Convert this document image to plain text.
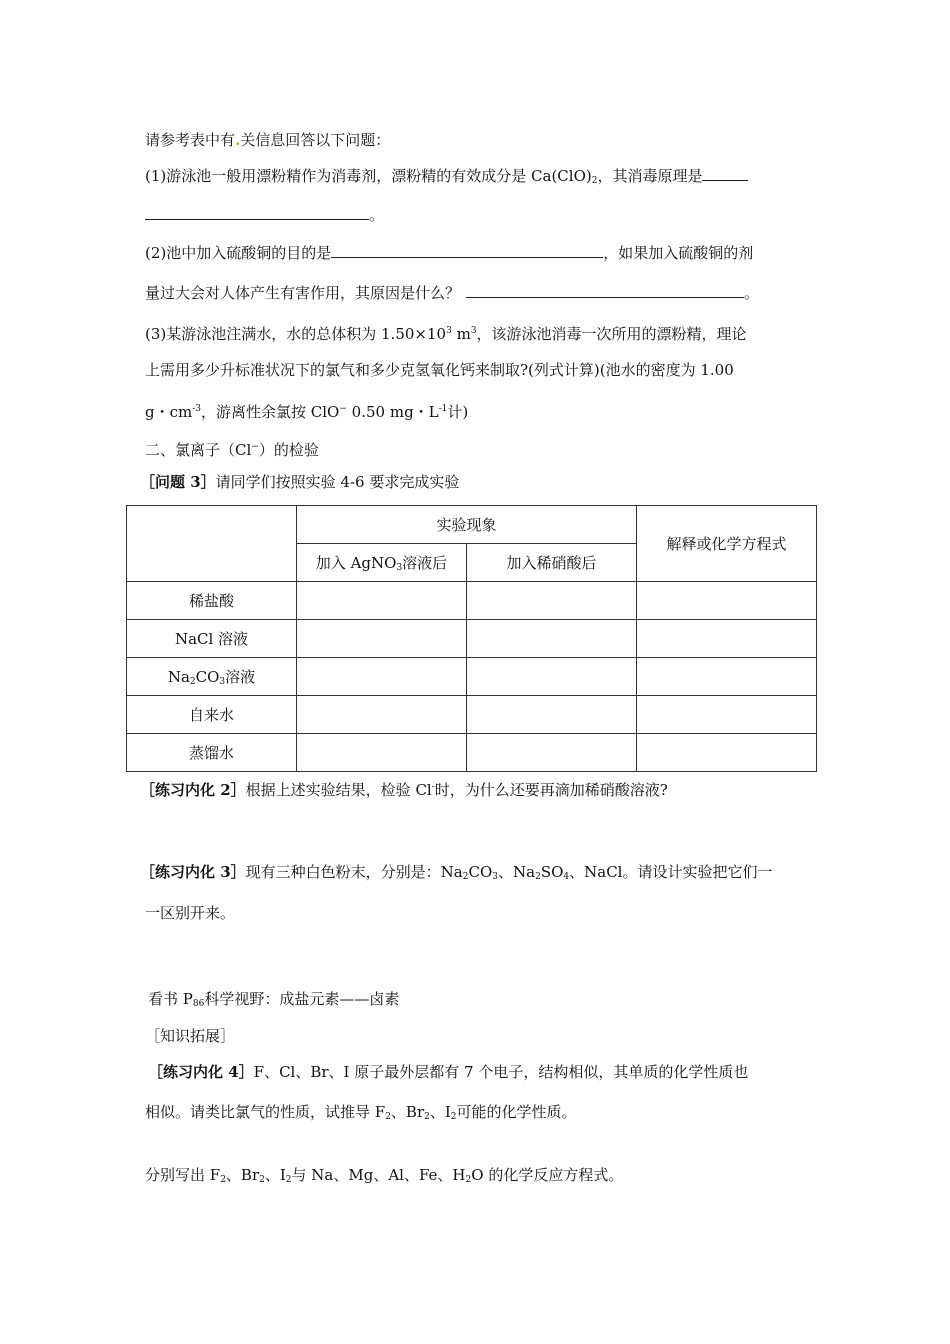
请参考表中有.关信息回答以下问题：
(1)游泳池一般用漂粉精作为消毒剂，漂粉精的有效成分是 $Ca(ClO)_2$，其消毒原理是
。
(2)池中加入硫酸铜的目的是	，如果加入硫酸铜的剂
量过大会对人体产生有害作用，其原因是什么？	。
(3)某游泳池注满水，水的总体积为 $1.50\times 10^3$ $m^3$，该游泳池消毒一次所用的漂粉精，理论
上需用多少升标准状况下的氯气和多少克氢氧化钙来制取?(列式计算)(池水的密度为 1.00
g・$cm^{-3}$，游离性余氯按 ClO− 0.50 mg・$L^{-1}$计)
二、氯离子（Cl−）的检验
［问题 3］请同学们按照实验 4-6 要求完成实验
	实验现象		解释或化学方程式
	加入 AgNO$_3$溶液后	加入稀硝酸后	
稀盐酸			
NaCl 溶液			
$Na_2CO_3$溶液			
自来水			
蒸馏水			
［练习内化 2］根据上述实验结果，检验 Cl-时，为什么还要再滴加稀硝酸溶液?
［练习内化 3］现有三种白色粉末，分别是：$Na_2CO_3$、$Na_2SO_4$、NaCl。请设计实验把它们一
一区别开来。
看书 $P_{86}$科学视野：成盐元素——卤素
［知识拓展］
［练习内化 4］F、Cl、Br、I 原子最外层都有 7 个电子，结构相似，其单质的化学性质也
相似。请类比氯气的性质，试推导 $F_2$、$Br_2$、$I_2$可能的化学性质。
分别写出 $F_2$、$Br_2$、$I_2$与 Na、Mg、Al、Fe、$H_2O$ 的化学反应方程式。
